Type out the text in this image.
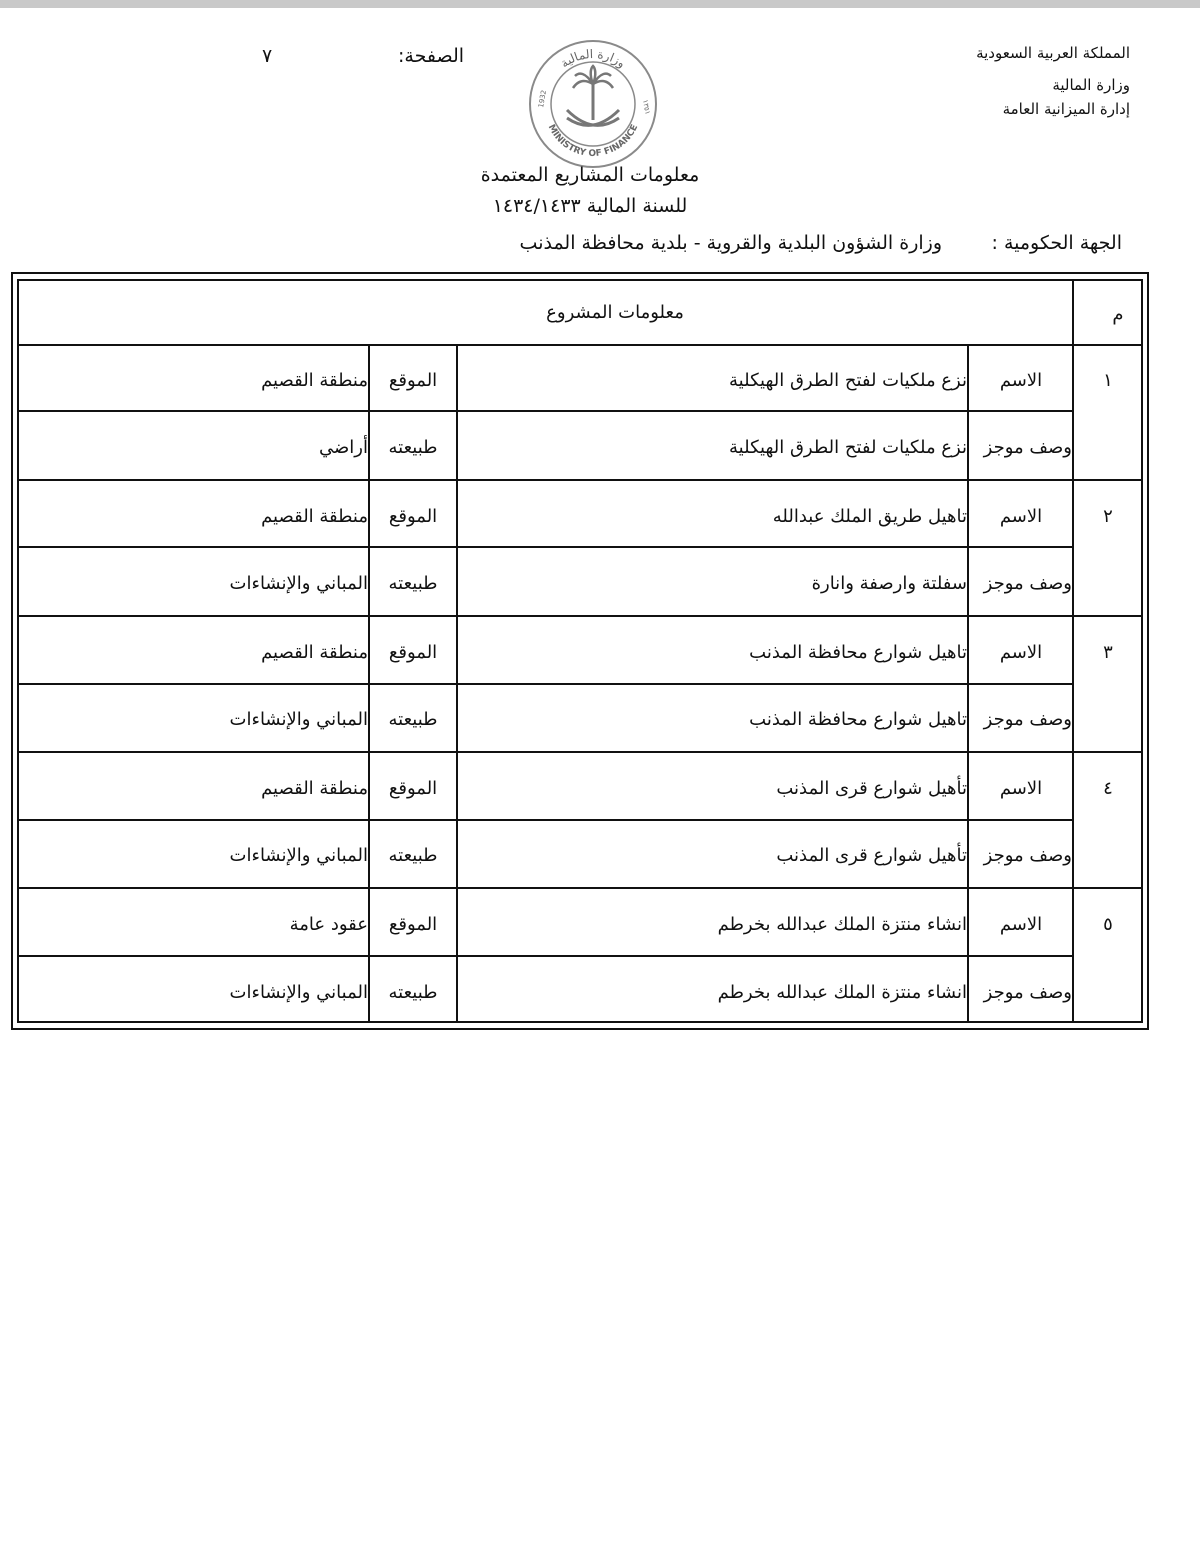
المملكة العربية السعودية
وزارة المالية
إدارة الميزانية العامة
الصفحة:
٧	وزارة المالية
MINISTRY OF FINANCE
1932	١٣٥١
معلومات المشاريع المعتمدة
للسنة المالية ١٤٣٤/١٤٣٣
الجهة الحكومية :
وزارة الشؤون البلدية والقروية - بلدية محافظة المذنب
م
معلومات المشروع
١
الاسم
نزع ملكيات لفتح الطرق الهيكلية
الموقع
منطقة القصيم
وصف موجز
نزع ملكيات لفتح الطرق الهيكلية
طبيعته
أراضي
٢
الاسم
تاهيل طريق الملك عبدالله
الموقع
منطقة القصيم
وصف موجز
سفلتة وارصفة وانارة
طبيعته
المباني والإنشاءات
٣
الاسم
تاهيل شوارع محافظة المذنب
الموقع
منطقة القصيم
وصف موجز
تاهيل شوارع محافظة المذنب
طبيعته
المباني والإنشاءات
٤
الاسم
تأهيل شوارع قرى المذنب
الموقع
منطقة القصيم
وصف موجز
تأهيل شوارع قرى المذنب
طبيعته
المباني والإنشاءات
٥
الاسم
انشاء منتزة الملك عبدالله بخرطم
الموقع
عقود عامة
وصف موجز
انشاء منتزة الملك عبدالله بخرطم
طبيعته
المباني والإنشاءات
